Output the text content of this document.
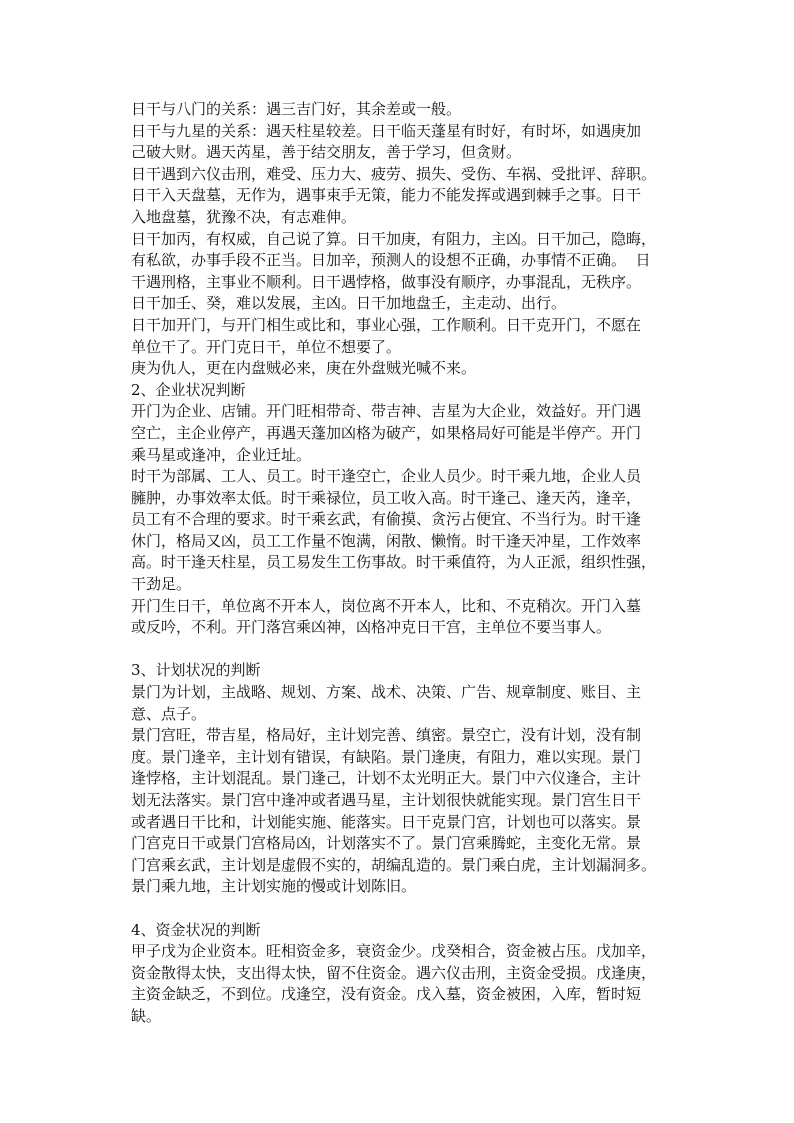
日干与八门的关系：遇三吉门好，其余差或一般。
日干与九星的关系：遇天柱星较差。日干临天蓬星有时好，有时坏，如遇庚加
己破大财。遇天芮星，善于结交朋友，善于学习，但贪财。
日干遇到六仪击刑，难受、压力大、疲劳、损失、受伤、车祸、受批评、辞职。
日干入天盘墓，无作为，遇事束手无策，能力不能发挥或遇到棘手之事。日干
入地盘墓，犹豫不决，有志难伸。
日干加丙，有权威，自己说了算。日干加庚，有阻力，主凶。日干加己，隐晦，
有私欲，办事手段不正当。日加辛，预测人的设想不正确，办事情不正确。  日
干遇刑格，主事业不顺利。日干遇悖格，做事没有顺序，办事混乱，无秩序。
日干加壬、癸，难以发展，主凶。日干加地盘壬，主走动、出行。
日干加开门，与开门相生或比和，事业心强，工作顺利。日干克开门，不愿在
单位干了。开门克日干，单位不想要了。
庚为仇人，更在内盘贼必来，庚在外盘贼光喊不来。
2、企业状况判断
开门为企业、店铺。开门旺相带奇、带吉神、吉星为大企业，效益好。开门遇
空亡，主企业停产，再遇天蓬加凶格为破产，如果格局好可能是半停产。开门
乘马星或逢冲，企业迁址。
时干为部属、工人、员工。时干逢空亡，企业人员少。时干乘九地，企业人员
臃肿，办事效率太低。时干乘禄位，员工收入高。时干逢己、逢天芮，逢辛，
员工有不合理的要求。时干乘玄武，有偷摸、贪污占便宜、不当行为。时干逢
休门，格局又凶，员工工作量不饱满，闲散、懒惰。时干逢天冲星，工作效率
高。时干逢天柱星，员工易发生工伤事故。时干乘值符，为人正派，组织性强，
干劲足。
开门生日干，单位离不开本人，岗位离不开本人，比和、不克稍次。开门入墓
或反吟，不利。开门落宫乘凶神，凶格冲克日干宫，主单位不要当事人。
3、计划状况的判断
景门为计划，主战略、规划、方案、战术、决策、广告、规章制度、账目、主
意、点子。
景门宫旺，带吉星，格局好，主计划完善、缜密。景空亡，没有计划，没有制
度。景门逢辛，主计划有错误，有缺陷。景门逢庚，有阻力，难以实现。景门
逢悖格，主计划混乱。景门逢己，计划不太光明正大。景门中六仪逢合，主计
划无法落实。景门宫中逢冲或者遇马星，主计划很快就能实现。景门宫生日干
或者遇日干比和，计划能实施、能落实。日干克景门宫，计划也可以落实。景
门宫克日干或景门宫格局凶，计划落实不了。景门宫乘腾蛇，主变化无常。景
门宫乘玄武，主计划是虚假不实的，胡编乱造的。景门乘白虎，主计划漏洞多。
景门乘九地，主计划实施的慢或计划陈旧。
4、资金状况的判断
甲子戊为企业资本。旺相资金多，衰资金少。戊癸相合，资金被占压。戊加辛，
资金散得太快，支出得太快，留不住资金。遇六仪击刑，主资金受损。戊逢庚，
主资金缺乏，不到位。戊逢空，没有资金。戊入墓，资金被困，入库，暂时短
缺。
